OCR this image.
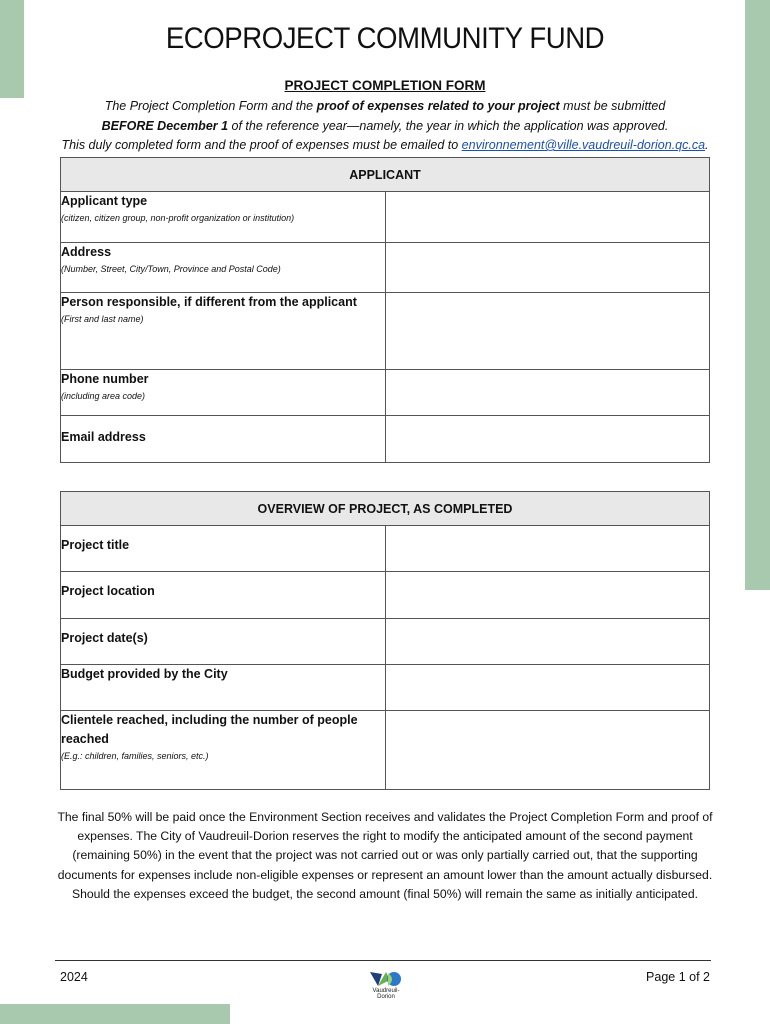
ECOPROJECT COMMUNITY FUND
PROJECT COMPLETION FORM
The Project Completion Form and the proof of expenses related to your project must be submitted
BEFORE December 1 of the reference year—namely, the year in which the application was approved.
This duly completed form and the proof of expenses must be emailed to environnement@ville.vaudreuil-dorion.qc.ca.
APPLICANT	
Applicant type
(citizen, citizen group, non-profit organization or institution)	

Address
(Number, Street, City/Town, Province and Postal Code)	

Person responsible, if different from the applicant
(First and last name)	

Phone number
(including area code)	

Email address	
OVERVIEW OF PROJECT, AS COMPLETED	
Project title	
Project location	
Project date(s)	
Budget provided by the City	
Clientele reached, including the number of people reached
(E.g.: children, families, seniors, etc.)	

The final 50% will be paid once the Environment Section receives and validates the Project Completion Form and proof of expenses. The City of Vaudreuil-Dorion reserves the right to modify the anticipated amount of the second payment (remaining 50%) in the event that the project was not carried out or was only partially carried out, that the supporting documents for expenses include non-eligible expenses or represent an amount lower than the amount actually disbursed. Should the expenses exceed the budget, the second amount (final 50%) will remain the same as initially anticipated.
2024
Vaudreuil-Dorion
Page 1 of 2
